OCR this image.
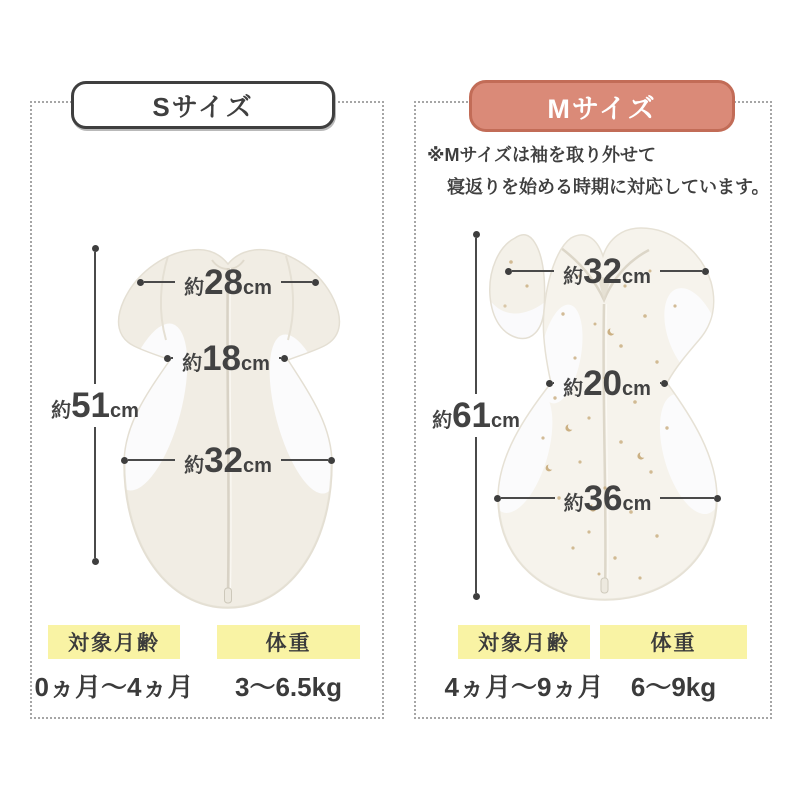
Sサイズ
約 28 cm
約 18 cm
約 32 cm
約 51 cm
対象月齢
0ヵ月〜4ヵ月
体重
3〜6.5kg
Mサイズ
※Mサイズは袖を取り外せて
寝返りを始める時期に対応しています。
約 32 cm
約 20 cm
約 36 cm
約 61 cm
対象月齢
4ヵ月〜9ヵ月
体重
6〜9kg
